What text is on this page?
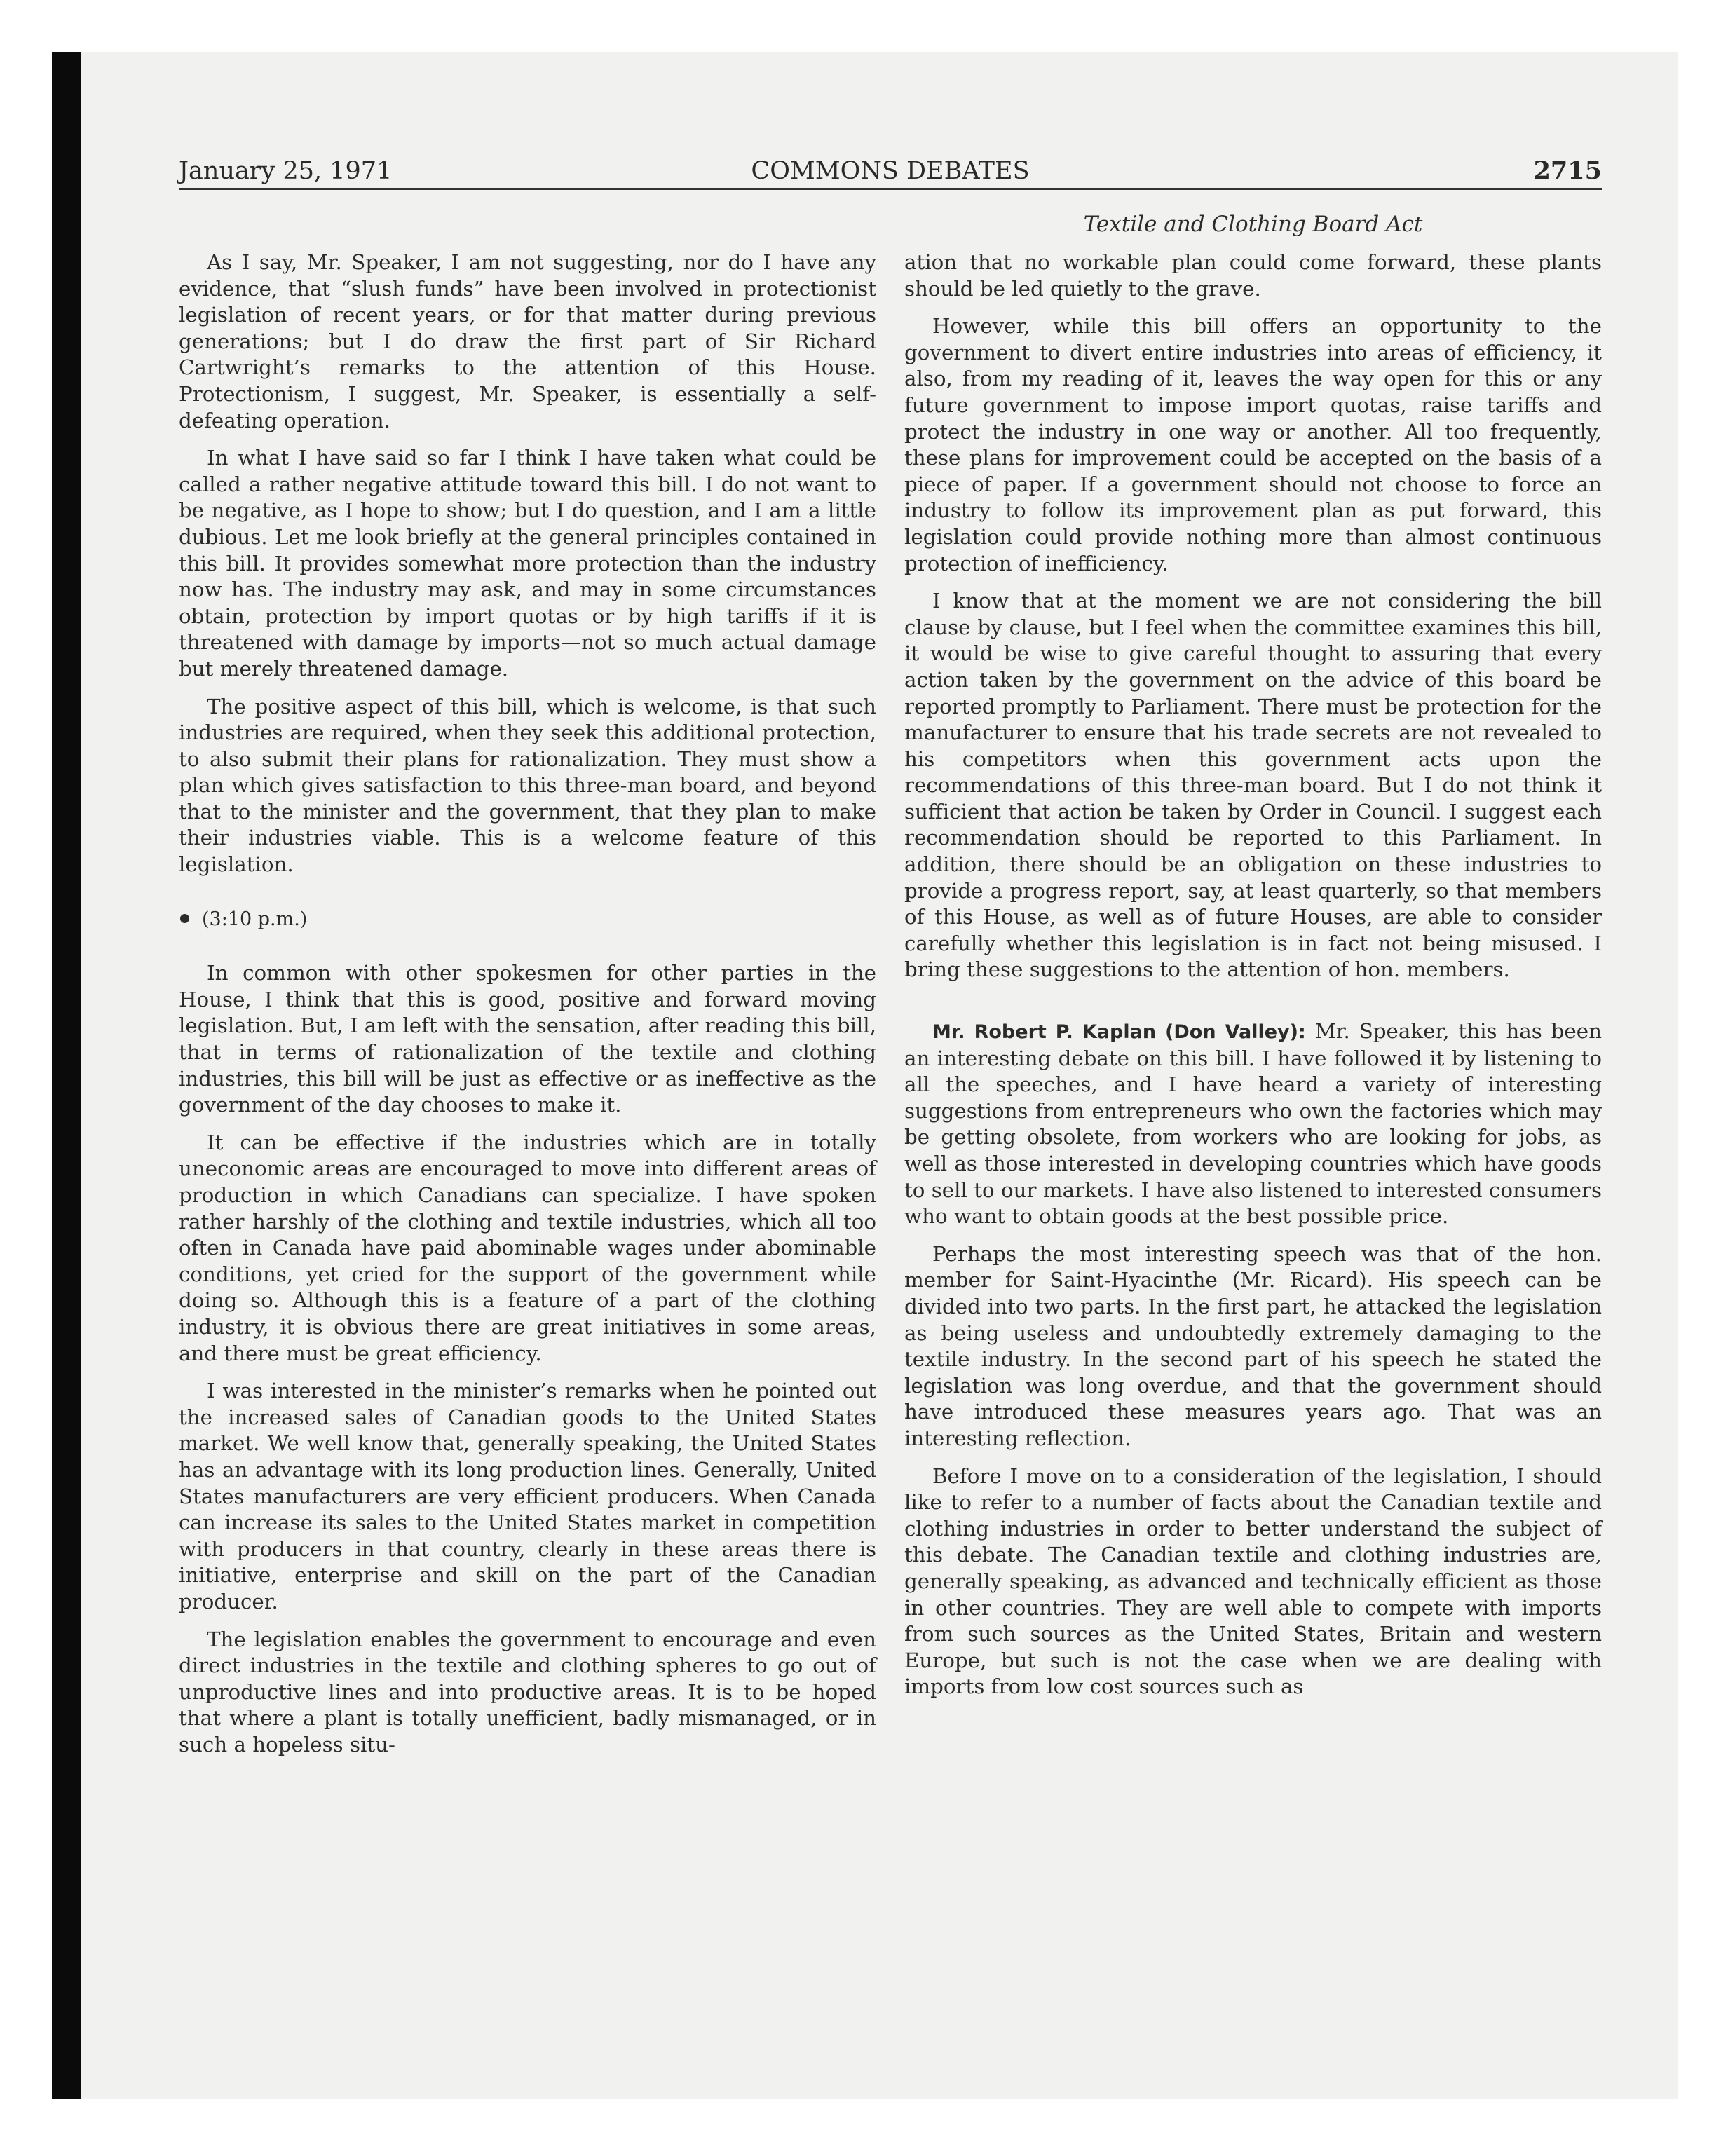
January 25, 1971	COMMONS DEBATES	2715
Textile and Clothing Board Act

As I say, Mr. Speaker, I am not suggesting, nor do I have any evidence, that “slush funds” have been involved in protectionist legislation of recent years, or for that matter during previous generations; but I do draw the first part of Sir Richard Cartwright’s remarks to the attention of this House. Protectionism, I suggest, Mr. Speaker, is essentially a self-defeating operation.

In what I have said so far I think I have taken what could be called a rather negative attitude toward this bill. I do not want to be negative, as I hope to show; but I do question, and I am a little dubious. Let me look briefly at the general principles contained in this bill. It provides somewhat more protection than the industry now has. The industry may ask, and may in some circumstances obtain, protection by import quotas or by high tariffs if it is threatened with damage by imports—not so much actual damage but merely threatened damage.

The positive aspect of this bill, which is welcome, is that such industries are required, when they seek this additional protection, to also submit their plans for rationalization. They must show a plan which gives satisfaction to this three-man board, and beyond that to the minister and the government, that they plan to make their industries viable. This is a welcome feature of this legislation.

(3:10 p.m.)

In common with other spokesmen for other parties in the House, I think that this is good, positive and forward moving legislation. But, I am left with the sensation, after reading this bill, that in terms of rationalization of the textile and clothing industries, this bill will be just as effective or as ineffective as the government of the day chooses to make it.

It can be effective if the industries which are in totally uneconomic areas are encouraged to move into different areas of production in which Canadians can specialize. I have spoken rather harshly of the clothing and textile industries, which all too often in Canada have paid abominable wages under abominable conditions, yet cried for the support of the government while doing so. Although this is a feature of a part of the clothing industry, it is obvious there are great initiatives in some areas, and there must be great efficiency.

I was interested in the minister’s remarks when he pointed out the increased sales of Canadian goods to the United States market. We well know that, generally speaking, the United States has an advantage with its long production lines. Generally, United States manufacturers are very efficient producers. When Canada can increase its sales to the United States market in competition with producers in that country, clearly in these areas there is initiative, enterprise and skill on the part of the Canadian producer.

The legislation enables the government to encourage and even direct industries in the textile and clothing spheres to go out of unproductive lines and into productive areas. It is to be hoped that where a plant is totally unefficient, badly mismanaged, or in such a hopeless situ-

ation that no workable plan could come forward, these plants should be led quietly to the grave.

However, while this bill offers an opportunity to the government to divert entire industries into areas of efficiency, it also, from my reading of it, leaves the way open for this or any future government to impose import quotas, raise tariffs and protect the industry in one way or another. All too frequently, these plans for improvement could be accepted on the basis of a piece of paper. If a government should not choose to force an industry to follow its improvement plan as put forward, this legislation could provide nothing more than almost continuous protection of inefficiency.

I know that at the moment we are not considering the bill clause by clause, but I feel when the committee examines this bill, it would be wise to give careful thought to assuring that every action taken by the government on the advice of this board be reported promptly to Parliament. There must be protection for the manufacturer to ensure that his trade secrets are not revealed to his competitors when this government acts upon the recommendations of this three-man board. But I do not think it sufficient that action be taken by Order in Council. I suggest each recommendation should be reported to this Parliament. In addition, there should be an obligation on these industries to provide a progress report, say, at least quarterly, so that members of this House, as well as of future Houses, are able to consider carefully whether this legislation is in fact not being misused. I bring these suggestions to the attention of hon. members.

Mr. Robert P. Kaplan (Don Valley): Mr. Speaker, this has been an interesting debate on this bill. I have followed it by listening to all the speeches, and I have heard a variety of interesting suggestions from entrepreneurs who own the factories which may be getting obsolete, from workers who are looking for jobs, as well as those interested in developing countries which have goods to sell to our markets. I have also listened to interested consumers who want to obtain goods at the best possible price.

Perhaps the most interesting speech was that of the hon. member for Saint-Hyacinthe (Mr. Ricard). His speech can be divided into two parts. In the first part, he attacked the legislation as being useless and undoubtedly extremely damaging to the textile industry. In the second part of his speech he stated the legislation was long overdue, and that the government should have introduced these measures years ago. That was an interesting reflection.

Before I move on to a consideration of the legislation, I should like to refer to a number of facts about the Canadian textile and clothing industries in order to better understand the subject of this debate. The Canadian textile and clothing industries are, generally speaking, as advanced and technically efficient as those in other countries. They are well able to compete with imports from such sources as the United States, Britain and western Europe, but such is not the case when we are dealing with imports from low cost sources such as
